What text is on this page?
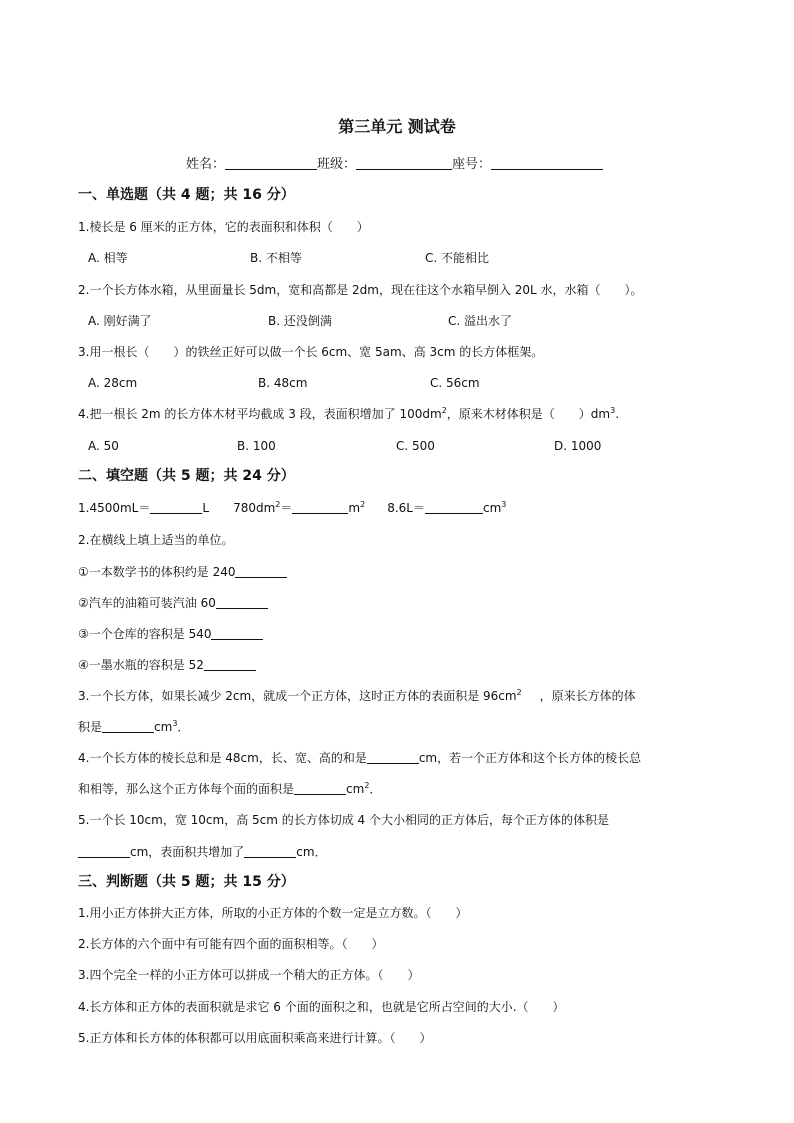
第三单元 测试卷
姓名：	班级：	座号：
一、单选题（共 4 题；共 16 分）
1.棱长是 6 厘米的正方体，它的表面积和体积（　　）
A. 相等	B. 不相等	C. 不能相比
2.一个长方体水箱，从里面量长 5dm，宽和高都是 2dm，现在往这个水箱早倒入 20L 水，水箱（　　）。
A. 刚好满了	B. 还没倒满	C. 溢出水了
3.用一根长（　　）的铁丝正好可以做一个长 6cm、宽 5am、高 3cm 的长方体框架。
A. 28cm	B. 48cm	C. 56cm
4.把一根长 2m 的长方体木材平均截成 3 段，表面积增加了 $100dm^2$，原来木材体积是（　　）$dm^3$.
A. 50	B. 100	C. 500	D. 1000
二、填空题（共 5 题；共 24 分）
1.4500mL＝	L $780dm^2=$	$m^2$ 8.6L＝	$cm^3$
2.在横线上填上适当的单位。
①一本数学书的体积约是 240
②汽车的油箱可装汽油 60
③一个仓库的容积是 540
④一墨水瓶的容积是 52
3.一个长方体，如果长减少 2cm，就成一个正方体，这时正方体的表面积是 $96cm^2$ ，原来长方体的体
积是	$cm^3$．
4.一个长方体的棱长总和是 48cm，长、宽、高的和是	cm，若一个正方体和这个长方体的棱长总
和相等，那么这个正方体每个面的面积是	$cm^2$．
5.一个长 10cm，宽 10cm，高 5cm 的长方体切成 4 个大小相同的正方体后，每个正方体的体积是
cm，表面积共增加了	cm．
三、判断题（共 5 题；共 15 分）
1.用小正方体拼大正方体，所取的小正方体的个数一定是立方数。（　　）
2.长方体的六个面中有可能有四个面的面积相等。（　　）
3.四个完全一样的小正方体可以拼成一个稍大的正方体。（　　）
4.长方体和正方体的表面积就是求它 6 个面的面积之和，也就是它所占空间的大小.（　　）
5.正方体和长方体的体积都可以用底面积乘高来进行计算。（　　）
